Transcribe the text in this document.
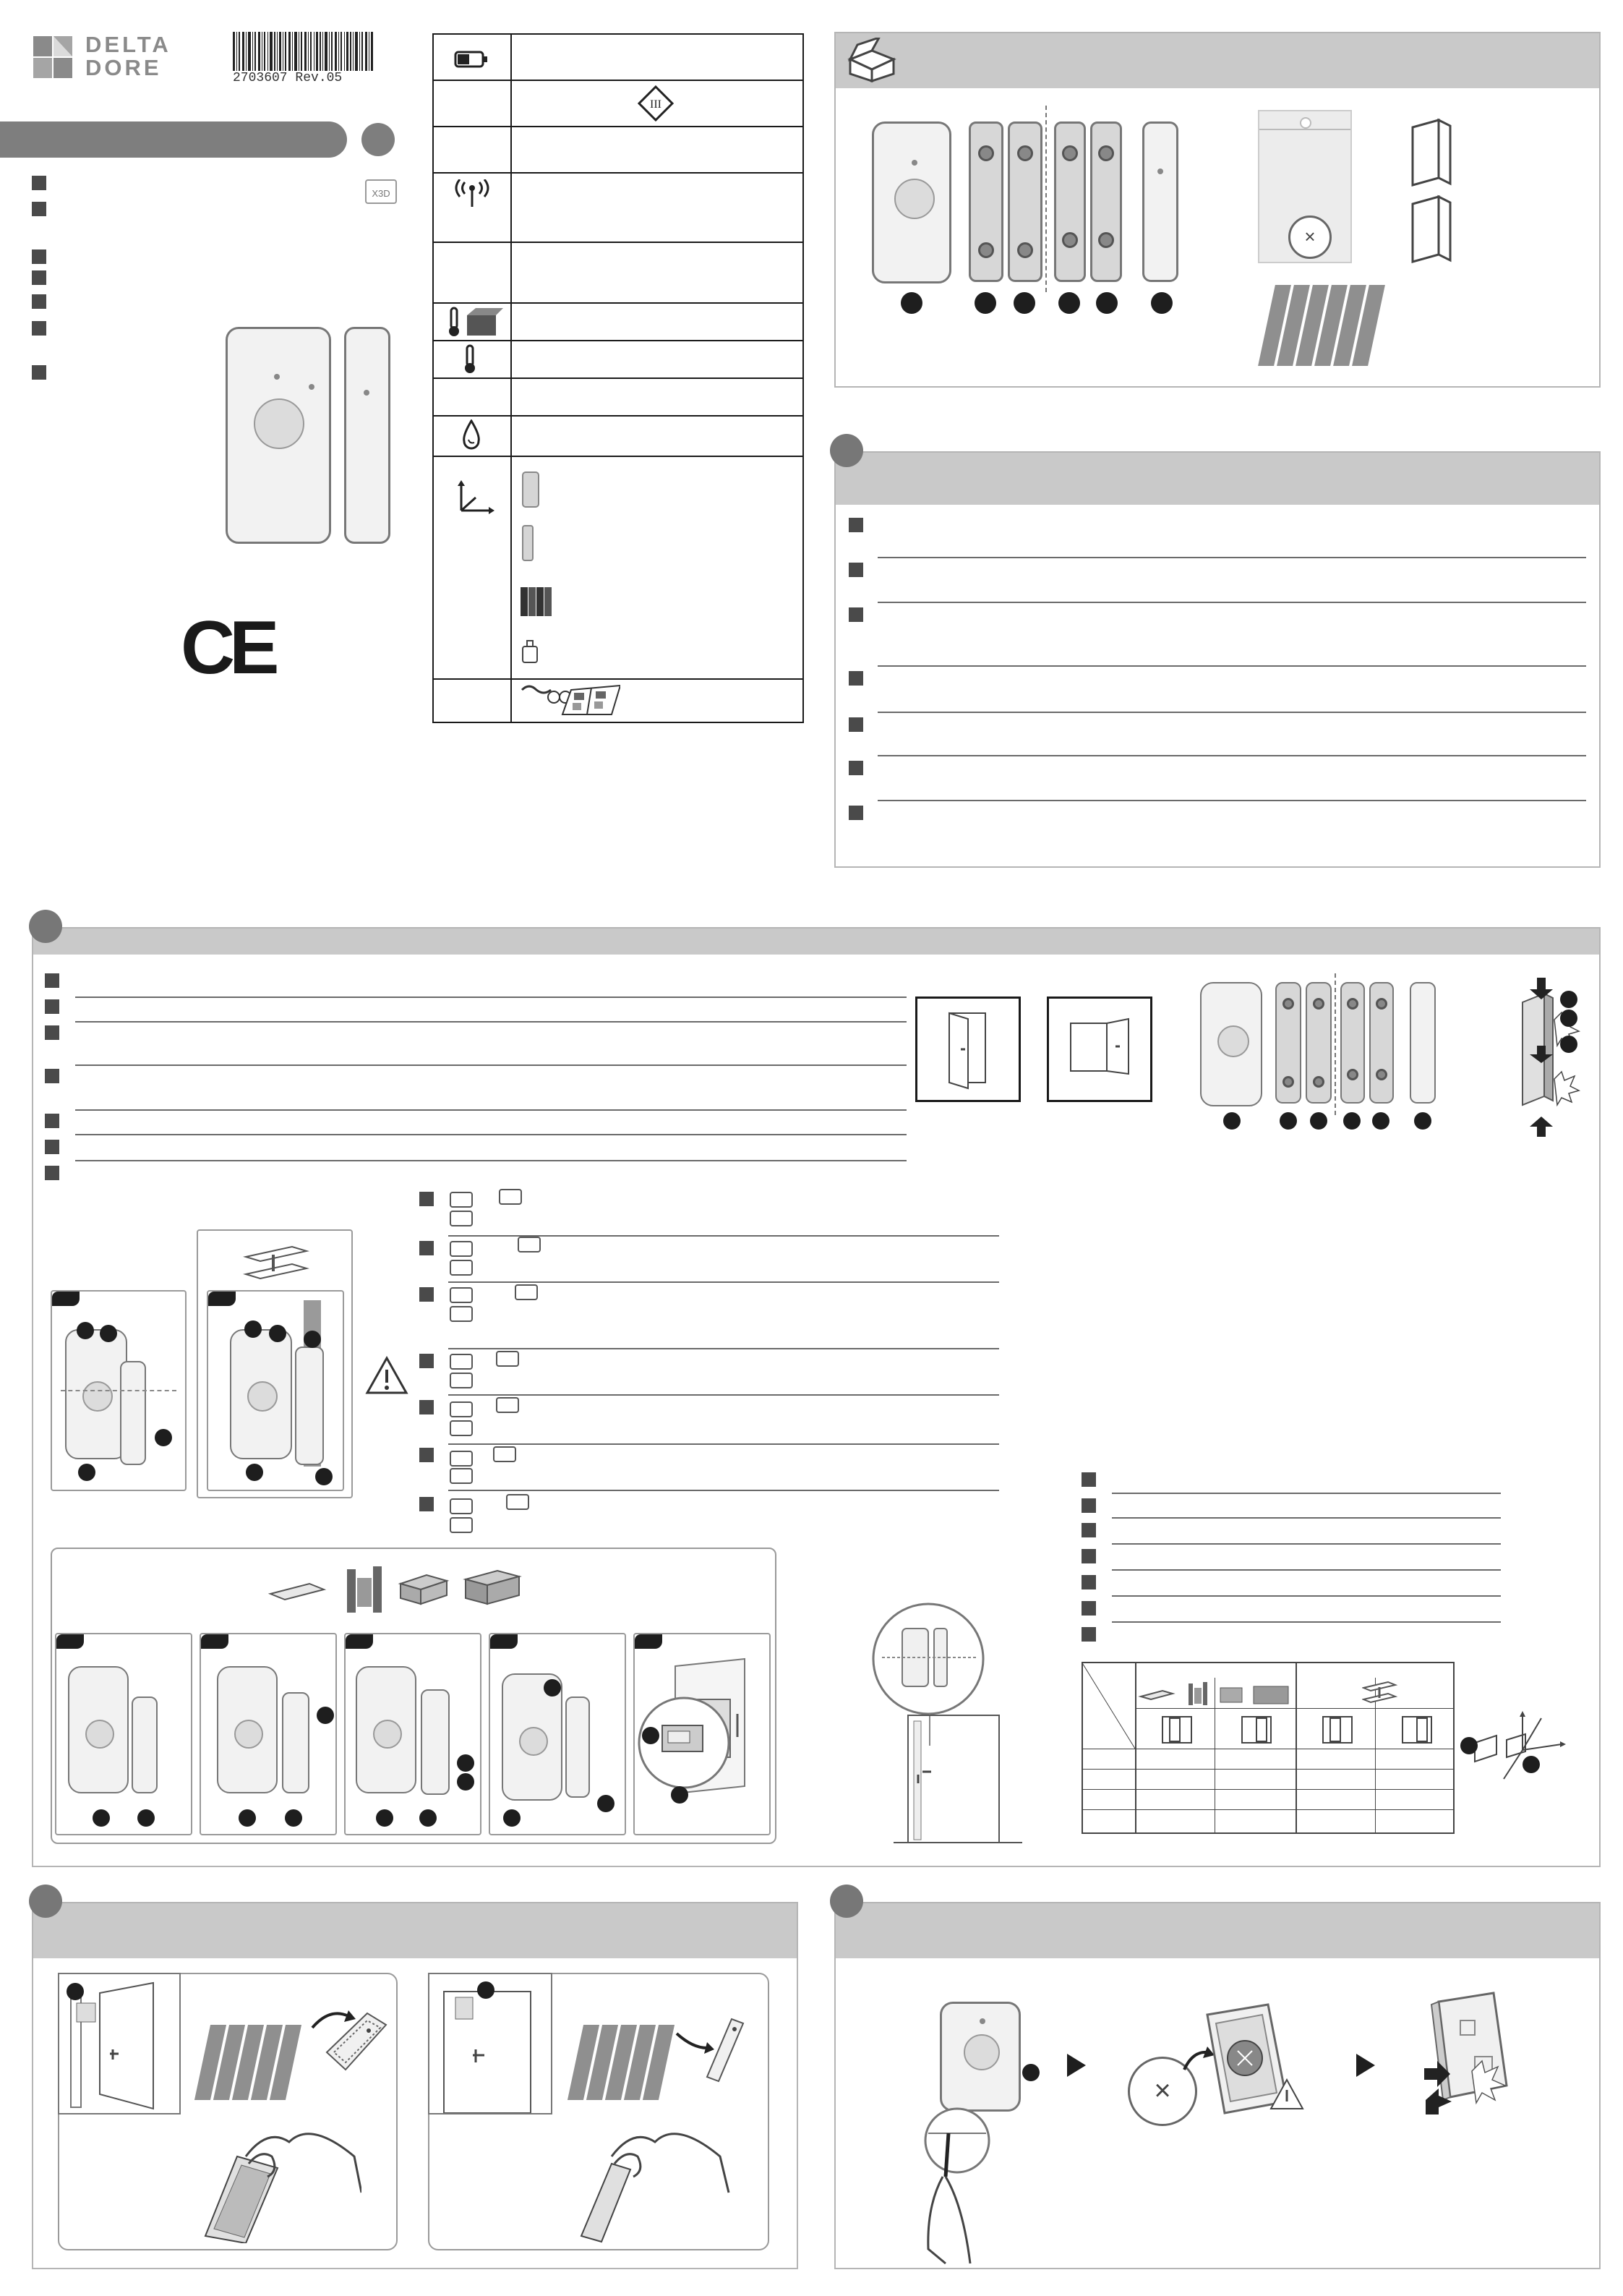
DELTA
DORE	2703607 Rev.05
X3D
CE
III
×
×
